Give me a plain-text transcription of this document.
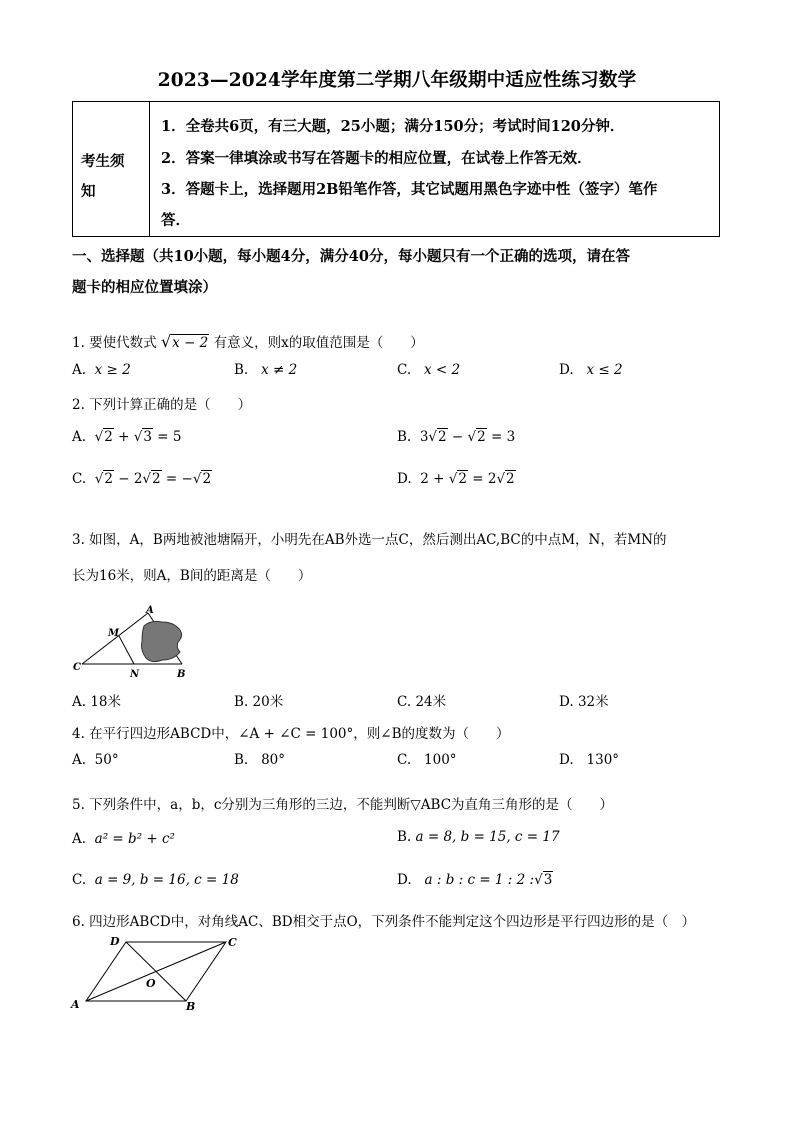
2023—2024学年度第二学期八年级期中适应性练习数学
考生须
知
1．全卷共6页，有三大题，25小题；满分150分；考试时间120分钟．
2．答案一律填涂或书写在答题卡的相应位置，在试卷上作答无效．
3．答题卡上，选择题用2B铅笔作答，其它试题用黑色字迹中性（签字）笔作
答．
一、选择题（共10小题，每小题4分，满分40分，每小题只有一个正确的选项，请在答
题卡的相应位置填涂）
1. 要使代数式 √x − 2 有意义，则x的取值范围是（　　）
A. x ≥ 2	B. x ≠ 2	C. x < 2	D. x ≤ 2
2. 下列计算正确的是（　　）
A.  √2 + √3 = 5	B. 3√2 − √2 = 3
C.  √2 − 2√2 = −√2	D. 2 + √2 = 2√2
3. 如图，A，B两地被池塘隔开，小明先在AB外选一点C，然后测出AC,BC的中点M，N，若MN的
长为16米，则A，B间的距离是（　　）
A
M
C
N	B
A. 18米	B. 20米	C. 24米	D. 32米
4. 在平行四边形ABCD中，∠A + ∠C = 100°，则∠B的度数为（　　）
A. 50°	B. 80°	C. 100°	D. 130°
5. 下列条件中，a，b，c分别为三角形的三边，不能判断▽ABC为直角三角形的是（　　）
A. a² = b² + c²	B. a = 8, b = 15, c = 17
C. a = 9, b = 16, c = 18	D. a : b : c = 1 : 2 :√3
6. 四边形ABCD中，对角线AC、BD相交于点O，下列条件不能判定这个四边形是平行四边形的是（　）
D	C
O
A	B
